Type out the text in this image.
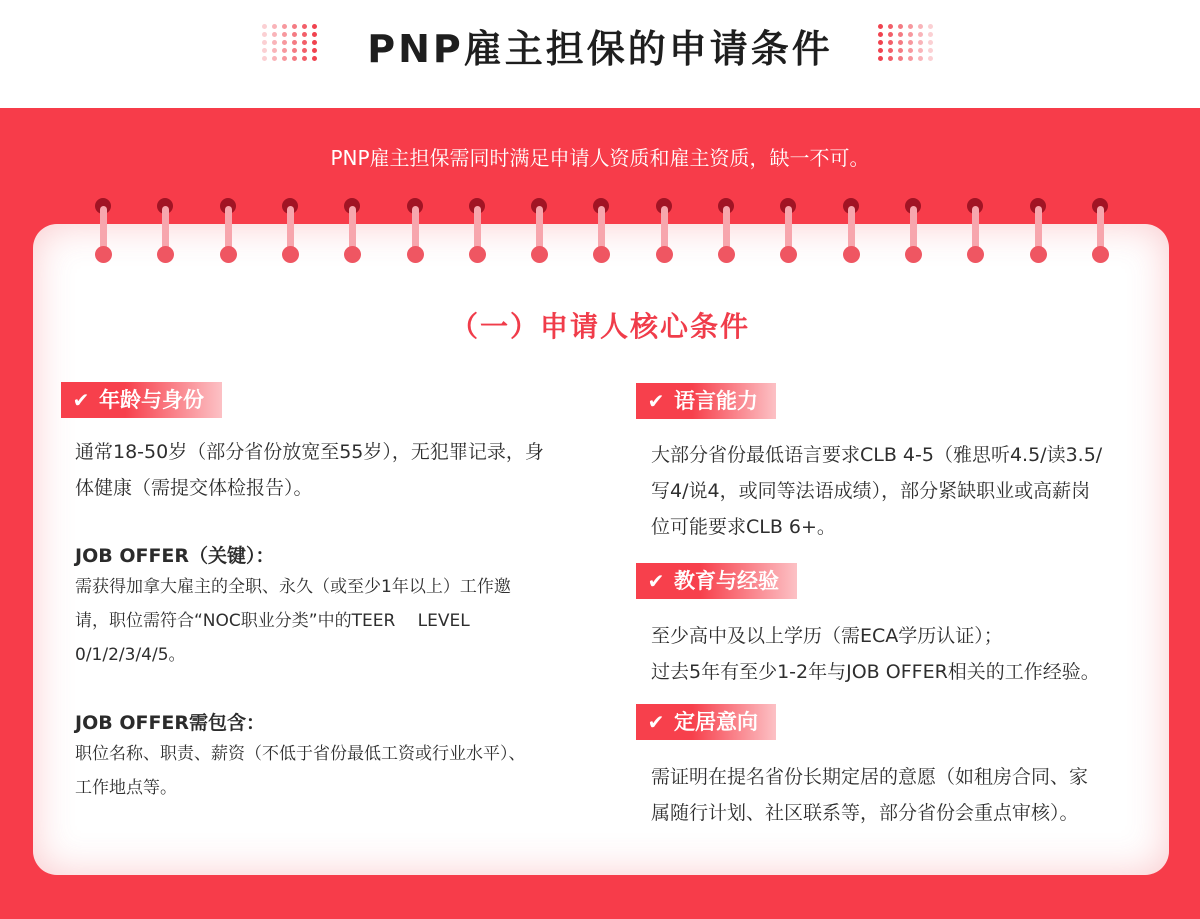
PNP雇主担保的申请条件
PNP雇主担保需同时满足申请人资质和雇主资质，缺一不可。
（一）申请人核心条件
✔ 年龄与身份
通常18-50岁（部分省份放宽至55岁），无犯罪记录，身
体健康（需提交体检报告）。
JOB OFFER（关键）：
需获得加拿大雇主的全职、永久（或至少1年以上）工作邀
请，职位需符合“NOC职业分类”中的TEER　 LEVEL
0/1/2/3/4/5。
JOB OFFER需包含：
职位名称、职责、薪资（不低于省份最低工资或行业水平）、
工作地点等。
✔ 语言能力
大部分省份最低语言要求CLB 4-5（雅思听4.5/读3.5/
写4/说4，或同等法语成绩），部分紧缺职业或高薪岗
位可能要求CLB 6+。
✔ 教育与经验
至少高中及以上学历（需ECA学历认证）；
过去5年有至少1-2年与JOB OFFER相关的工作经验。
✔ 定居意向
需证明在提名省份长期定居的意愿（如租房合同、家
属随行计划、社区联系等，部分省份会重点审核）。
